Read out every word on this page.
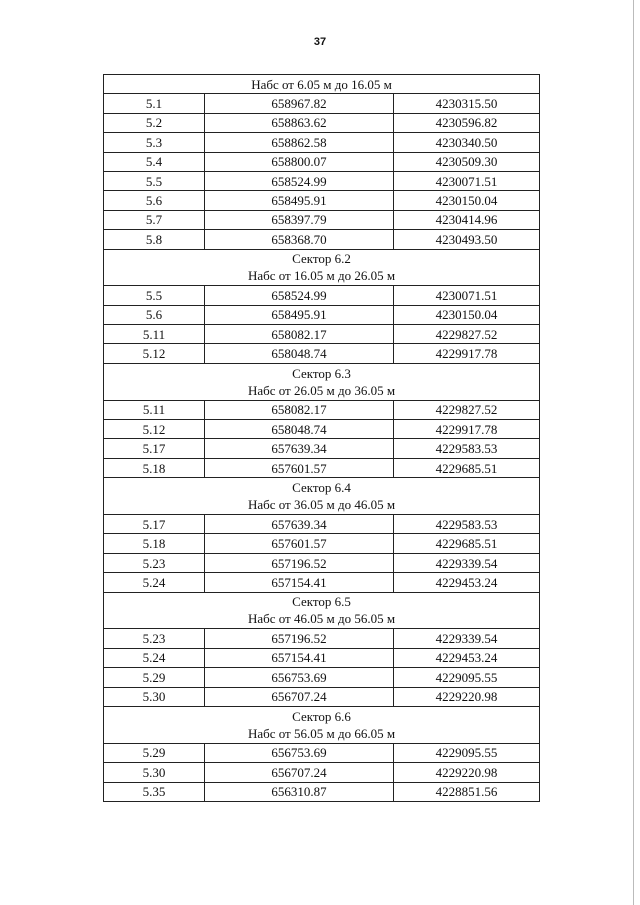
37
Набс от 6.05 м до 16.05 м		

5.1	658967.82	4230315.50
5.2	658863.62	4230596.82
5.3	658862.58	4230340.50
5.4	658800.07	4230509.30
5.5	658524.99	4230071.51
5.6	658495.91	4230150.04
5.7	658397.79	4230414.96
5.8	658368.70	4230493.50

Сектор 6.2
Набс от 16.05 м до 26.05 м		

5.5	658524.99	4230071.51
5.6	658495.91	4230150.04
5.11	658082.17	4229827.52
5.12	658048.74	4229917.78

Сектор 6.3
Набс от 26.05 м до 36.05 м		

5.11	658082.17	4229827.52
5.12	658048.74	4229917.78
5.17	657639.34	4229583.53
5.18	657601.57	4229685.51

Сектор 6.4
Набс от 36.05 м до 46.05 м		

5.17	657639.34	4229583.53
5.18	657601.57	4229685.51
5.23	657196.52	4229339.54
5.24	657154.41	4229453.24

Сектор 6.5
Набс от 46.05 м до 56.05 м		

5.23	657196.52	4229339.54
5.24	657154.41	4229453.24
5.29	656753.69	4229095.55
5.30	656707.24	4229220.98

Сектор 6.6
Набс от 56.05 м до 66.05 м		

5.29	656753.69	4229095.55
5.30	656707.24	4229220.98
5.35	656310.87	4228851.56
